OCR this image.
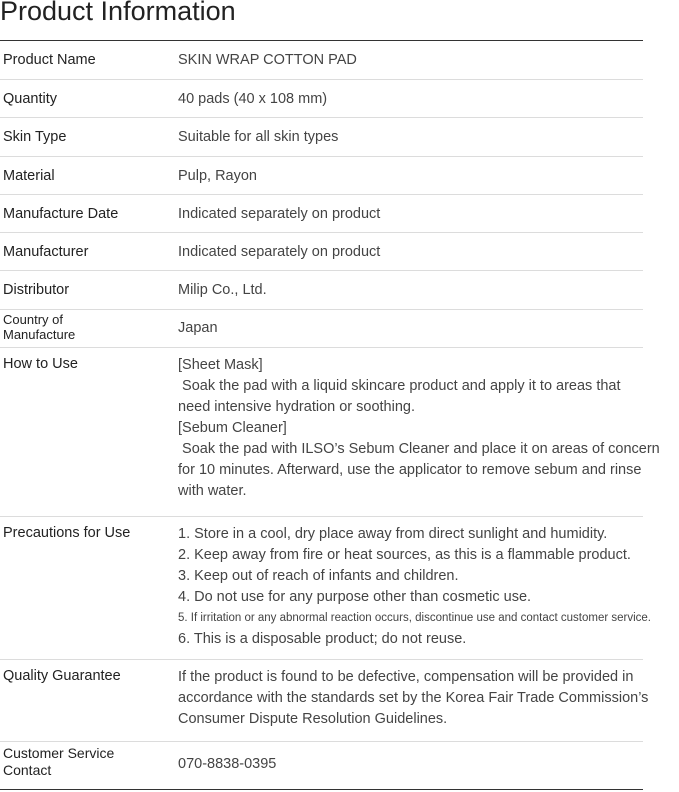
Product Information
Product Name	SKIN WRAP COTTON PAD
Quantity	40 pads (40 x 108 mm)
Skin Type	Suitable for all skin types
Material	Pulp, Rayon
Manufacture Date	Indicated separately on product
Manufacturer	Indicated separately on product
Distributor	Milip Co., Ltd.
Country of
Manufacture	Japan
How to Use	[Sheet Mask]
Soak the pad with a liquid skincare product and apply it to areas that
need intensive hydration or soothing.
[Sebum Cleaner]
Soak the pad with ILSO’s Sebum Cleaner and place it on areas of concern
for 10 minutes. Afterward, use the applicator to remove sebum and rinse
with water.
Precautions for Use	1. Store in a cool, dry place away from direct sunlight and humidity.
2. Keep away from fire or heat sources, as this is a flammable product.
3. Keep out of reach of infants and children.
4. Do not use for any purpose other than cosmetic use.
5. If irritation or any abnormal reaction occurs, discontinue use and contact customer service.
6. This is a disposable product; do not reuse.
Quality Guarantee	If the product is found to be defective, compensation will be provided in
accordance with the standards set by the Korea Fair Trade Commission’s
Consumer Dispute Resolution Guidelines.
Customer Service
Contact	070-8838-0395
